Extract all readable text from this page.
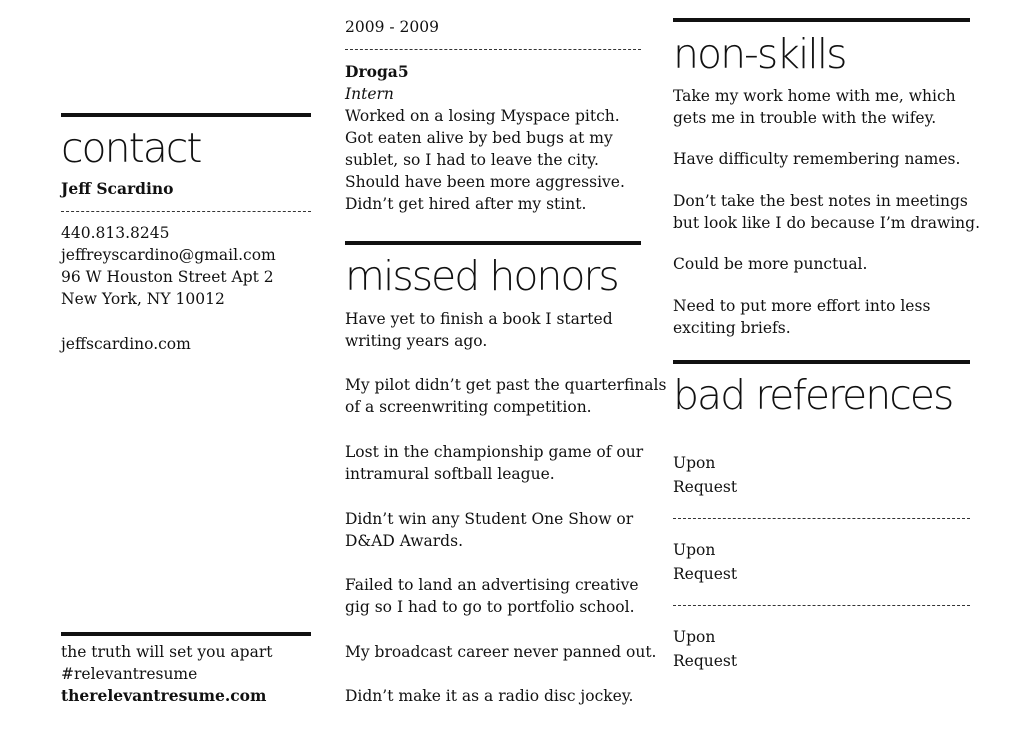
contact

Jeff Scardino

440.813.8245

jeffreyscardino@gmail.com

96 W Houston Street Apt 2

New York, NY 10012

jeffscardino.com

the truth will set you apart

#relevantresume

therelevantresume.com

2009 - 2009

Droga5

Intern

Worked on a losing Myspace pitch.

Got eaten alive by bed bugs at my

sublet, so I had to leave the city.

Should have been more aggressive.

Didn’t get hired after my stint.

missed honors

Have yet to finish a book I started
writing years ago.

My pilot didn’t get past the quarterfinals
of a screenwriting competition.

Lost in the championship game of our
intramural softball league.

Didn’t win any Student One Show or
D&AD Awards.

Failed to land an advertising creative
gig so I had to go to portfolio school.

My broadcast career never panned out.

Didn’t make it as a radio disc jockey.

non-skills

Take my work home with me, which
gets me in trouble with the wifey.

Have difficulty remembering names.

Don’t take the best notes in meetings
but look like I do because I’m drawing.

Could be more punctual.

Need to put more effort into less
exciting briefs.

bad references

Upon
Request

Upon
Request

Upon
Request
